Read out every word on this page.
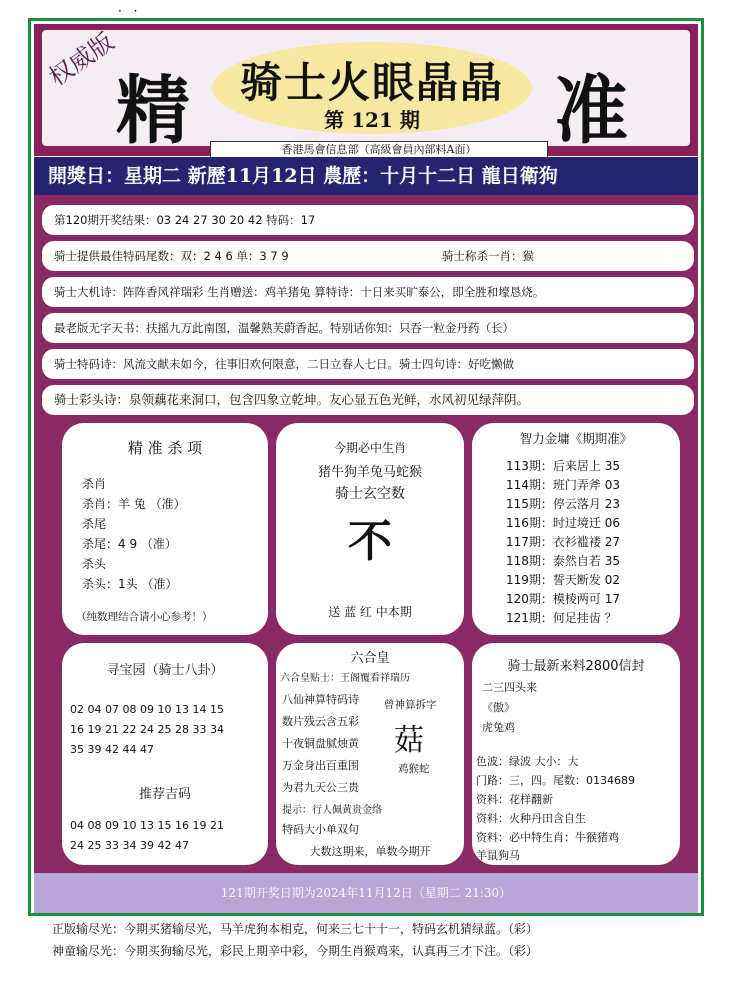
· ·
权威版
精	骑士火眼晶晶
第 121 期	准
香港馬會信息部（高級會員內部料A面）
開獎日：星期二 新歷11月12日 農歷：十月十二日 龍日衛狗
第120期开奖结果：03 24 27 30 20 42 特码：17
骑士提供最佳特码尾数：双：2 4 6 单：3 7 9	骑士称杀一肖：猴
骑士大机诗：阵阵香风祥瑞彩 生肖赠送：鸡羊猪兔 算特诗：十日来买旷泰公，即全胜和壕恳烧。
最老版无字天书：扶摇九万此南图，温馨熟芙蔚香起。特别话你知：只吞一粒金丹药（长）
骑士特码诗：风流文献未如今，往事旧欢何限意，二日立春人七日。骑士四句诗：好吃懒做
骑士彩头诗：泉领藕花来洞口，包含四象立乾坤。友心显五色光鲜，水风初见绿萍阴。
精 准 杀 项
杀肖
杀肖：羊 兔 （准）
杀尾
杀尾：4 9 （准）
杀头
杀头：1头 （准）
（纯数理结合请小心参考！）
今期必中生肖
猪牛狗羊兔马蛇猴
骑士玄空数
不
送 蓝 红 中本期
智力金墉《期期准》
113期：后来居上 35
114期：班门弄斧 03
115期：停云落月 23
116期：时过境迁 06
117期：衣衫褴褛 27
118期：泰然自若 35
119期：誓天断发 02
120期：模棱两可 17
121期：何足挂齿 ？
寻宝园（骑士八卦）
02 04 07 08 09 10 13 14 15
16 19 21 22 24 25 28 33 34
35 39 42 44 47
推荐吉码
04 08 09 10 13 15 16 19 21
24 25 33 34 39 42 47
六合皇
六合皇贴士：王阁覆看祥瑞历
八仙神算特码诗
数片残云含五彩
十夜铜盘腻烛黄
万金身出百重围
为君九天公三贵
曾神算拆字
菇
鸡猴蛇
提示：行人佩黄贵金络
特码大小单双句
大数这期来，单数今期开
骑士最新来料2800信封
二三四头来
《傲》
虎兔鸡
色波：绿波 大小：大
门路：三，四。尾数：0134689
资料：花样翻新
资料：火种丹田含自生
资料：必中特生肖：牛猴猪鸡
羊鼠狗马
121期开奖日期为2024年11月12日（星期二 21:30）
正版输尽光：今期买猪输尽光，马羊虎狗本相克，何来三七十十一，特码玄机猜绿蓝。（彩）
神童输尽光：今期买狗输尽光，彩民上期辛中彩，今期生肖猴鸡来，认真再三才下注。（彩）
